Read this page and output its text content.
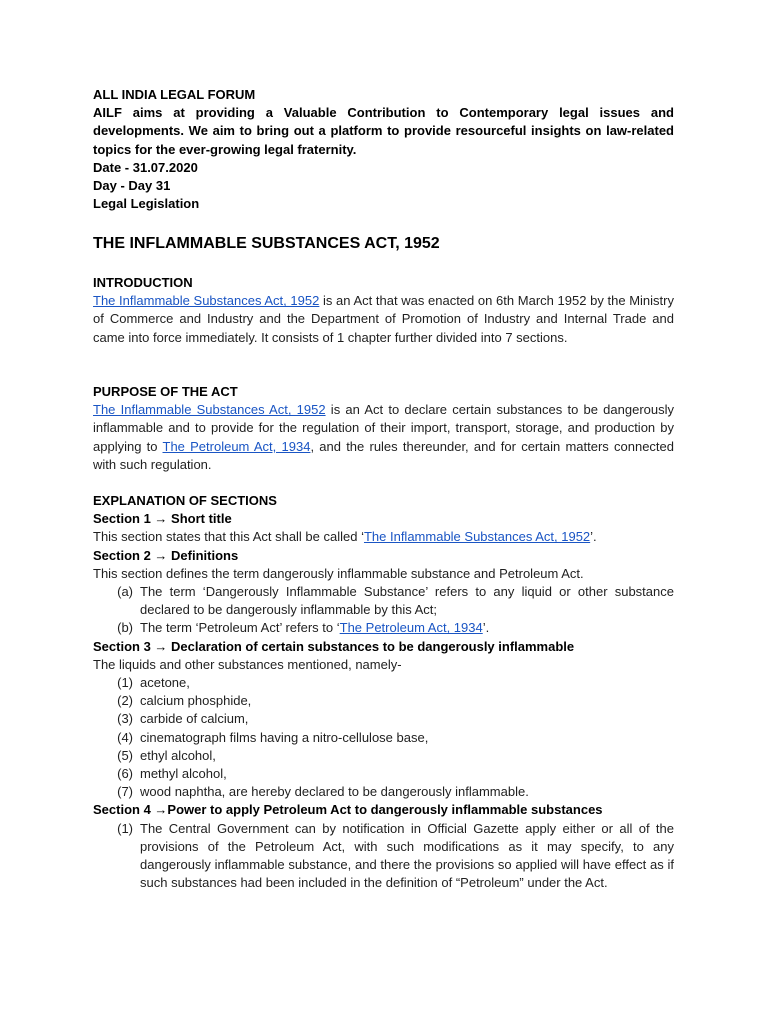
ALL INDIA LEGAL FORUM
AILF aims at providing a Valuable Contribution to Contemporary legal issues and developments. We aim to bring out a platform to provide resourceful insights on law-related topics for the ever-growing legal fraternity.
Date - 31.07.2020
Day - Day 31
Legal Legislation
THE INFLAMMABLE SUBSTANCES ACT, 1952
INTRODUCTION
The Inflammable Substances Act, 1952 is an Act that was enacted on 6th March 1952 by the Ministry of Commerce and Industry and the Department of Promotion of Industry and Internal Trade and came into force immediately. It consists of 1 chapter further divided into 7 sections.
PURPOSE OF THE ACT
The Inflammable Substances Act, 1952 is an Act to declare certain substances to be dangerously inflammable and to provide for the regulation of their import, transport, storage, and production by applying to The Petroleum Act, 1934, and the rules thereunder, and for certain matters connected with such regulation.
EXPLANATION OF SECTIONS
Section 1 → Short title
This section states that this Act shall be called ‘The Inflammable Substances Act, 1952’.
Section 2 → Definitions
This section defines the term dangerously inflammable substance and Petroleum Act.
(a) The term ‘Dangerously Inflammable Substance’ refers to any liquid or other substance declared to be dangerously inflammable by this Act;
(b) The term ‘Petroleum Act’ refers to ‘The Petroleum Act, 1934’.
Section 3 → Declaration of certain substances to be dangerously inflammable
The liquids and other substances mentioned, namely-
(1) acetone,
(2) calcium phosphide,
(3) carbide of calcium,
(4) cinematograph films having a nitro-cellulose base,
(5) ethyl alcohol,
(6) methyl alcohol,
(7) wood naphtha, are hereby declared to be dangerously inflammable.
Section 4 →Power to apply Petroleum Act to dangerously inflammable substances
(1) The Central Government can by notification in Official Gazette apply either or all of the provisions of the Petroleum Act, with such modifications as it may specify, to any dangerously inflammable substance, and there the provisions so applied will have effect as if such substances had been included in the definition of “Petroleum” under the Act.
